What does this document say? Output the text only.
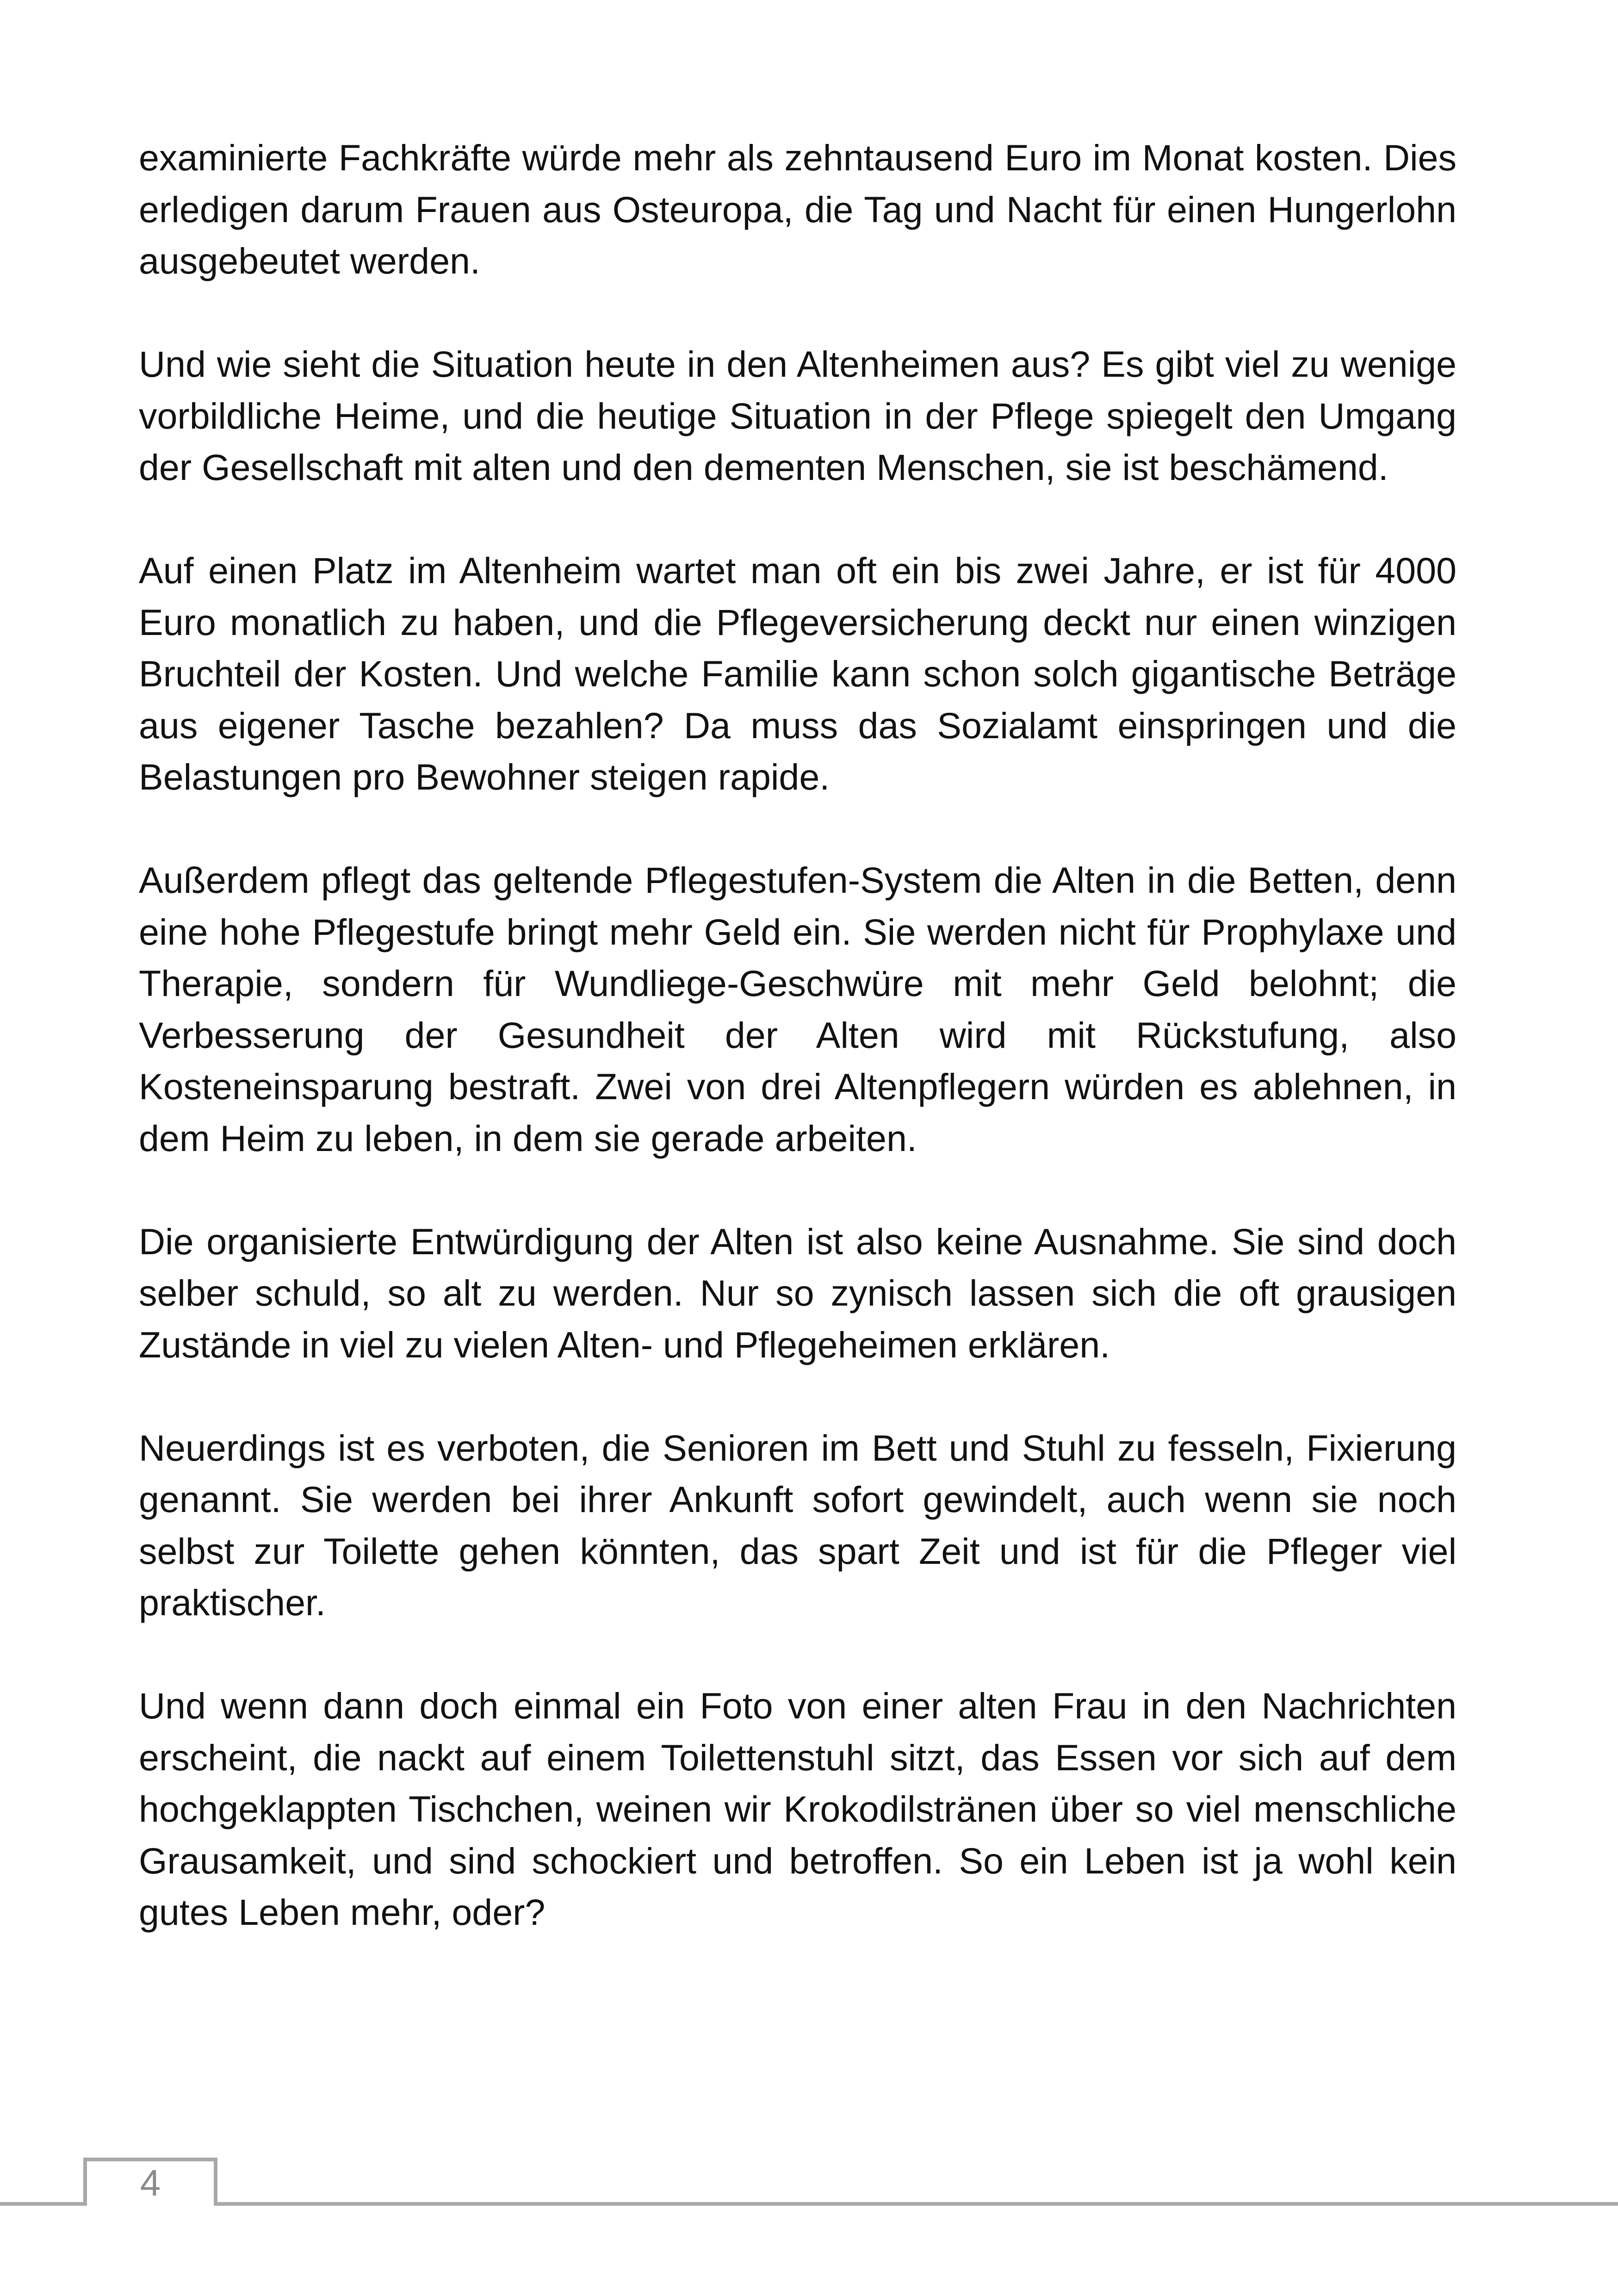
examinierte Fachkräfte würde mehr als zehntausend Euro im Monat kosten. Dies erledigen darum Frauen aus Osteuropa, die Tag und Nacht für einen Hungerlohn ausgebeutet werden.

Und wie sieht die Situation heute in den Altenheimen aus? Es gibt viel zu wenige vorbildliche Heime, und die heutige Situation in der Pflege spiegelt den Umgang der Gesellschaft mit alten und den dementen Menschen, sie ist beschämend.

Auf einen Platz im Altenheim wartet man oft ein bis zwei Jahre, er ist für 4000 Euro monatlich zu haben, und die Pflegeversicherung deckt nur einen winzigen Bruchteil der Kosten. Und welche Familie kann schon solch gigantische Beträge aus eigener Tasche bezahlen? Da muss das Sozialamt einspringen und die Belastungen pro Bewohner steigen rapide.

Außerdem pflegt das geltende Pflegestufen-System die Alten in die Betten, denn eine hohe Pflegestufe bringt mehr Geld ein. Sie werden nicht für Prophylaxe und Therapie, sondern für Wundliege-Geschwüre mit mehr Geld belohnt; die Verbesserung der Gesundheit der Alten wird mit Rückstufung, also Kosteneinsparung bestraft. Zwei von drei Altenpflegern würden es ablehnen, in dem Heim zu leben, in dem sie gerade arbeiten.

Die organisierte Entwürdigung der Alten ist also keine Ausnahme. Sie sind doch selber schuld, so alt zu werden. Nur so zynisch lassen sich die oft grausigen Zustände in viel zu vielen Alten- und Pflegeheimen erklären.

Neuerdings ist es verboten, die Senioren im Bett und Stuhl zu fesseln, Fixierung genannt. Sie werden bei ihrer Ankunft sofort gewindelt, auch wenn sie noch selbst zur Toilette gehen könnten, das spart Zeit und ist für die Pfleger viel praktischer.

Und wenn dann doch einmal ein Foto von einer alten Frau in den Nachrichten erscheint, die nackt auf einem Toilettenstuhl sitzt, das Essen vor sich auf dem hochgeklappten Tischchen, weinen wir Krokodilstränen über so viel menschliche Grausamkeit, und sind schockiert und betroffen. So ein Leben ist ja wohl kein gutes Leben mehr, oder?

4
